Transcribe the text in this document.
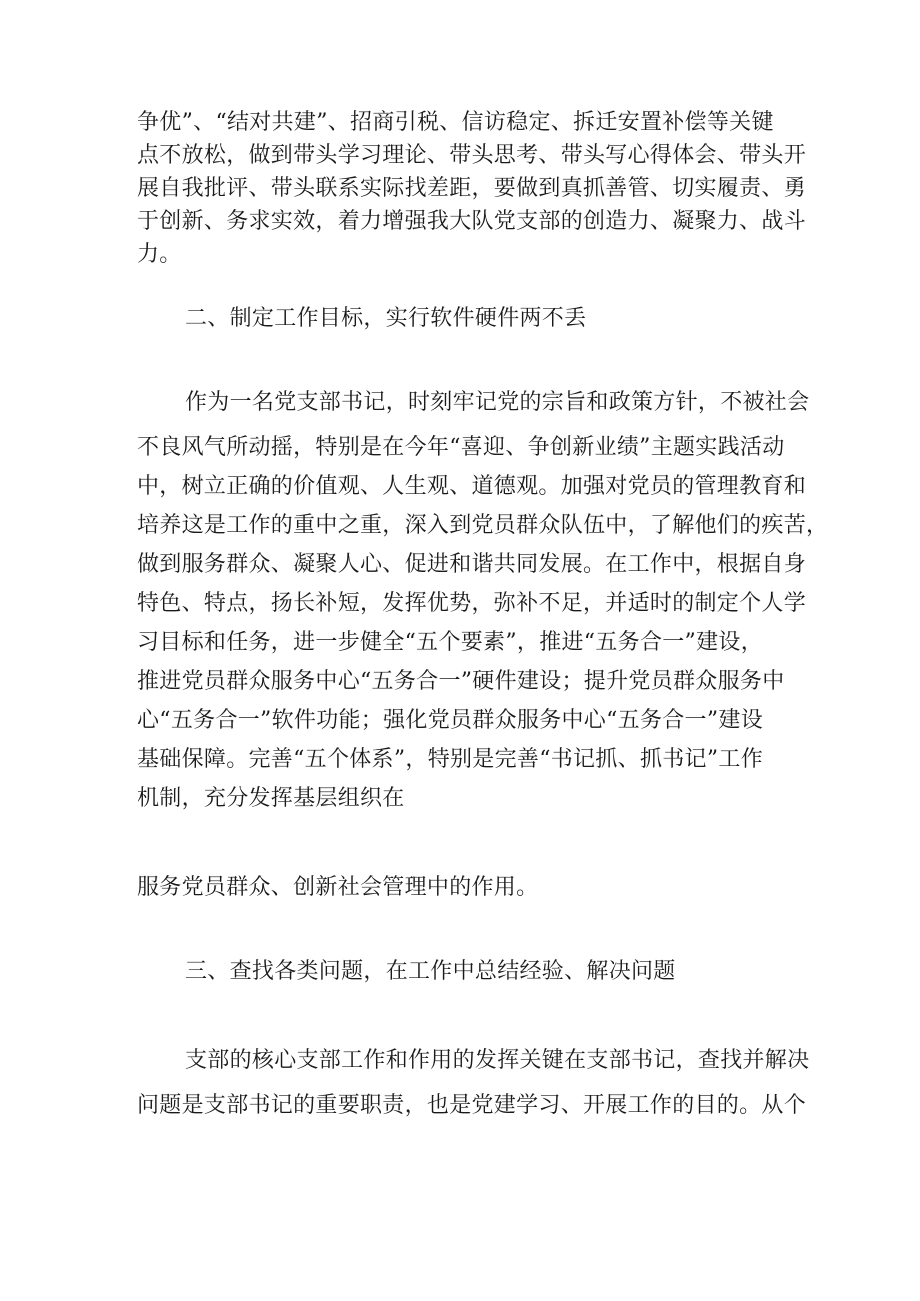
争优”、“结对共建”、招商引税、信访稳定、拆迁安置补偿等关键

点不放松，做到带头学习理论、带头思考、带头写心得体会、带头开

展自我批评、带头联系实际找差距，要做到真抓善管、切实履责、勇

于创新、务求实效，着力增强我大队党支部的创造力、凝聚力、战斗

力。

二、制定工作目标，实行软件硬件两不丢

作为一名党支部书记，时刻牢记党的宗旨和政策方针，不被社会

不良风气所动摇，特别是在今年“喜迎、争创新业绩”主题实践活动

中，树立正确的价值观、人生观、道德观。加强对党员的管理教育和

培养这是工作的重中之重，深入到党员群众队伍中，了解他们的疾苦，

做到服务群众、凝聚人心、促进和谐共同发展。在工作中，根据自身

特色、特点，扬长补短，发挥优势，弥补不足，并适时的制定个人学

习目标和任务，进一步健全“五个要素”，推进“五务合一”建设，

推进党员群众服务中心“五务合一”硬件建设；提升党员群众服务中

心“五务合一”软件功能；强化党员群众服务中心“五务合一”建设

基础保障。完善“五个体系”，特别是完善“书记抓、抓书记”工作

机制，充分发挥基层组织在

服务党员群众、创新社会管理中的作用。

三、查找各类问题，在工作中总结经验、解决问题

支部的核心支部工作和作用的发挥关键在支部书记，查找并解决

问题是支部书记的重要职责，也是党建学习、开展工作的目的。从个
